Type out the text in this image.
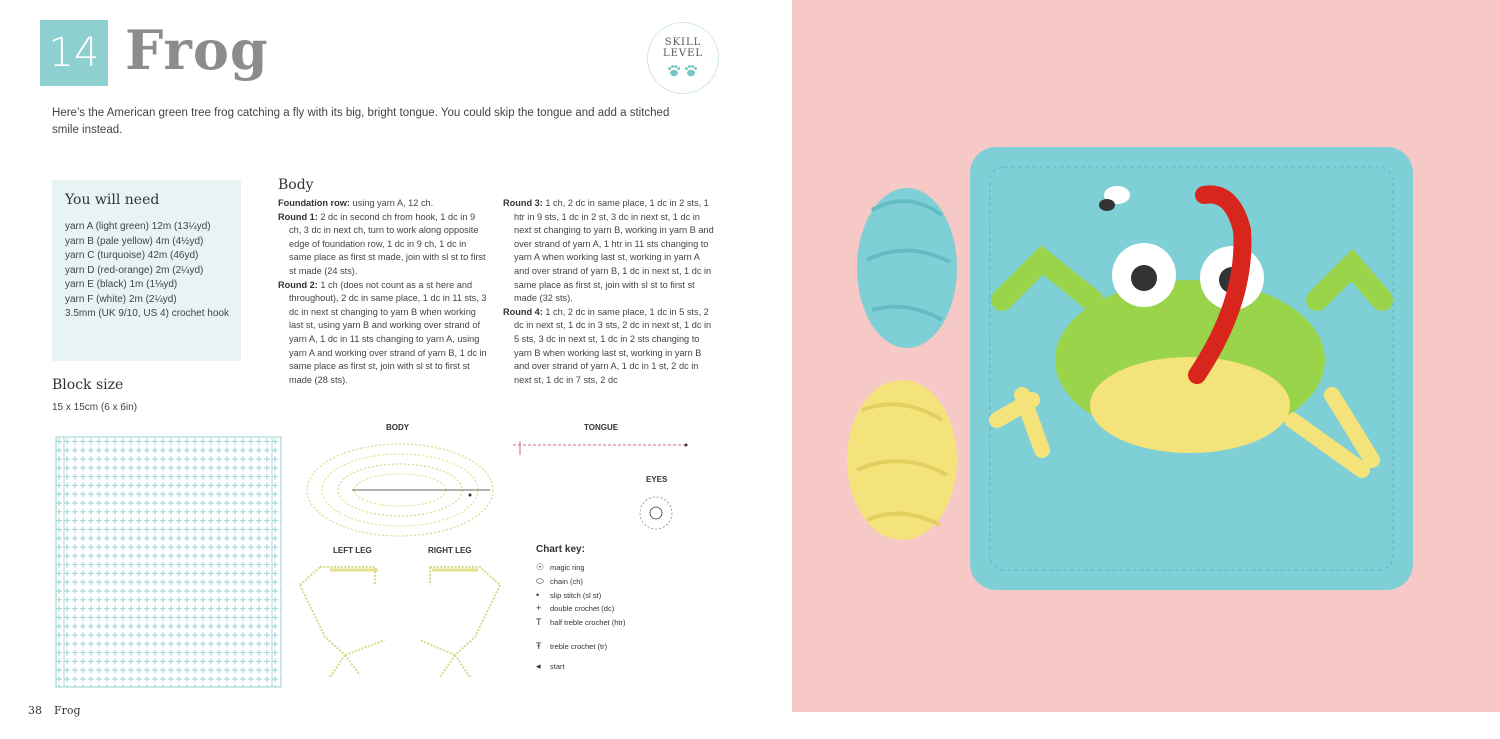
14 Frog	SKILL
LEVEL
Here’s the American green tree frog catching a fly with its big, bright tongue. You could skip the tongue and add a stitched smile instead.
You will need
yarn A (light green) 12m (13¼yd)
yarn B (pale yellow) 4m (4½yd)
yarn C (turquoise) 42m (46yd)
yarn D (red-orange) 2m (2¼yd)
yarn E (black) 1m (1⅛yd)
yarn F (white) 2m (2¼yd)
3.5mm (UK 9/10, US 4) crochet hook
Block size
15 x 15cm (6 x 6in)
Body

Foundation row: using yarn A, 12 ch.

Round 1: 2 dc in second ch from hook, 1 dc in 9 ch, 3 dc in next ch, turn to work along opposite edge of foundation row, 1 dc in 9 ch, 1 dc in same place as first st made, join with sl st to first st made (24 sts).

Round 2: 1 ch (does not count as a st here and throughout), 2 dc in same place, 1 dc in 11 sts, 3 dc in next st changing to yarn B when working last st, using yarn B and working over strand of yarn A, 1 dc in 11 sts changing to yarn A, using yarn A and working over strand of yarn B, 1 dc in same place as first st, join with sl st to first st made (28 sts).

Round 3: 1 ch, 2 dc in same place, 1 dc in 2 sts, 1 htr in 9 sts, 1 dc in 2 st, 3 dc in next st, 1 dc in next st changing to yarn B, working in yarn B and over strand of yarn A, 1 htr in 11 sts changing to yarn A when working last st, working in yarn A and over strand of yarn B, 1 dc in next st, 1 dc in same place as first st, join with sl st to first st made (32 sts).

Round 4: 1 ch, 2 dc in same place, 1 dc in 5 sts, 2 dc in next st, 1 dc in 3 sts, 2 dc in next st, 1 dc in 5 sts, 3 dc in next st, 1 dc in 2 sts changing to yarn B when working last st, working in yarn B and over strand of yarn A, 1 dc in 1 st, 2 dc in next st, 1 dc in 7 sts, 2 dc

BODY	TONGUE
EYES
LEFT LEG	RIGHT LEG	Chart key:
☉ magic ring
⬭ chain (ch)
• slip stitch (sl st)
+ double crochet (dc)
T half treble crochet (htr)
Ŧ treble crochet (tr)
◂ start
38 Frog
